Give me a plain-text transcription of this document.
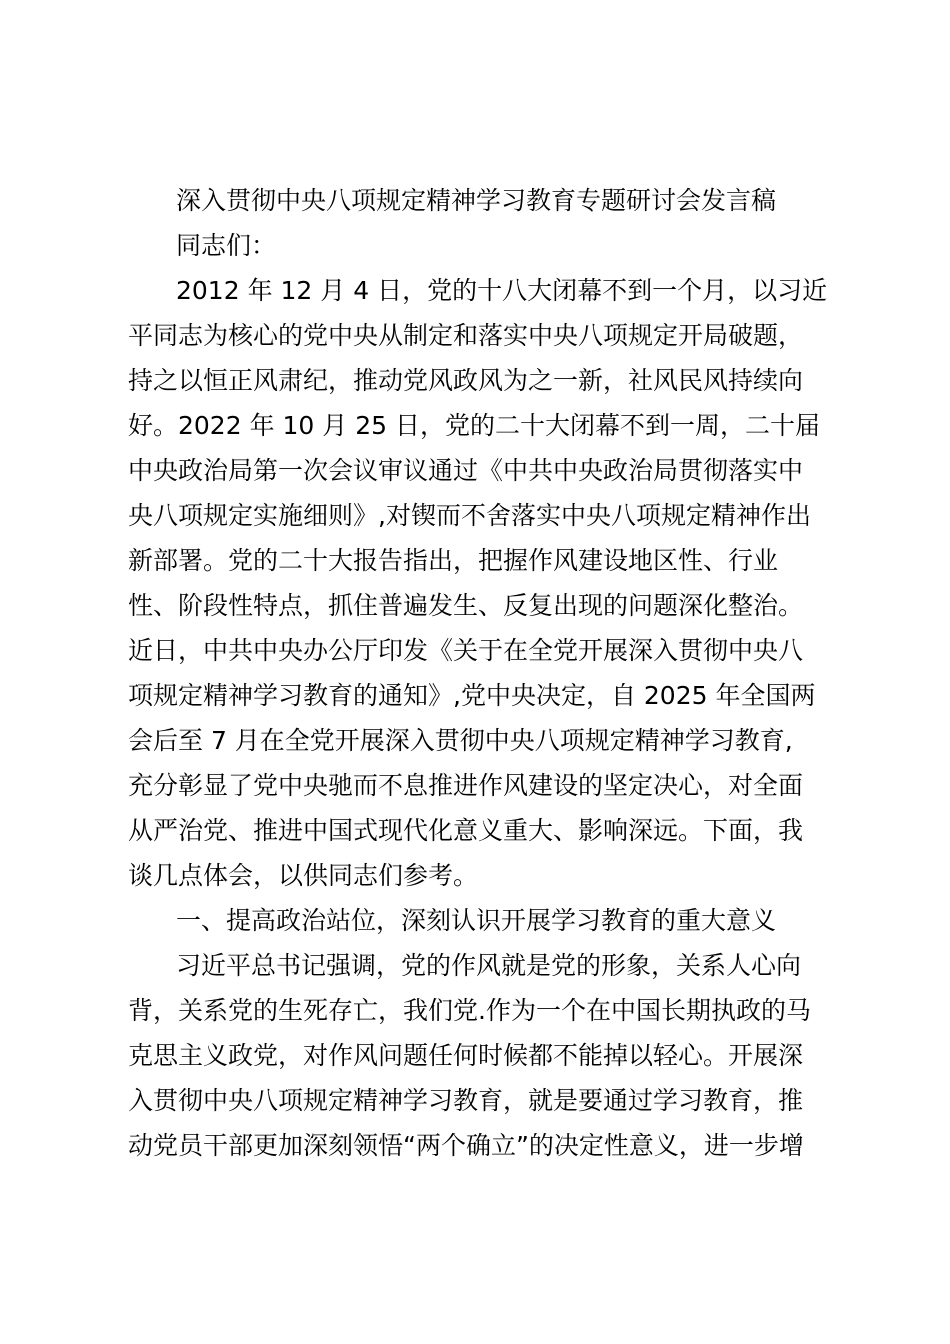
深入贯彻中央八项规定精神学习教育专题研讨会发言稿
同志们：
2012 年 12 月 4 日，党的十八大闭幕不到一个月，以习近
平同志为核心的党中央从制定和落实中央八项规定开局破题，
持之以恒正风肃纪，推动党风政风为之一新，社风民风持续向
好。2022 年 10 月 25 日，党的二十大闭幕不到一周，二十届
中央政治局第一次会议审议通过《中共中央政治局贯彻落实中
央八项规定实施细则》,对锲而不舍落实中央八项规定精神作出
新部署。党的二十大报告指出，把握作风建设地区性、行业
性、阶段性特点，抓住普遍发生、反复出现的问题深化整治。
近日，中共中央办公厅印发《关于在全党开展深入贯彻中央八
项规定精神学习教育的通知》,党中央决定，自 2025 年全国两
会后至 7 月在全党开展深入贯彻中央八项规定精神学习教育,
充分彰显了党中央驰而不息推进作风建设的坚定决心，对全面
从严治党、推进中国式现代化意义重大、影响深远。下面，我
谈几点体会，以供同志们参考。
一、提高政治站位，深刻认识开展学习教育的重大意义
习近平总书记强调，党的作风就是党的形象，关系人心向
背，关系党的生死存亡，我们党.作为一个在中国长期执政的马
克思主义政党，对作风问题任何时候都不能掉以轻心。开展深
入贯彻中央八项规定精神学习教育，就是要通过学习教育，推
动党员干部更加深刻领悟“两个确立”的决定性意义，进一步增
